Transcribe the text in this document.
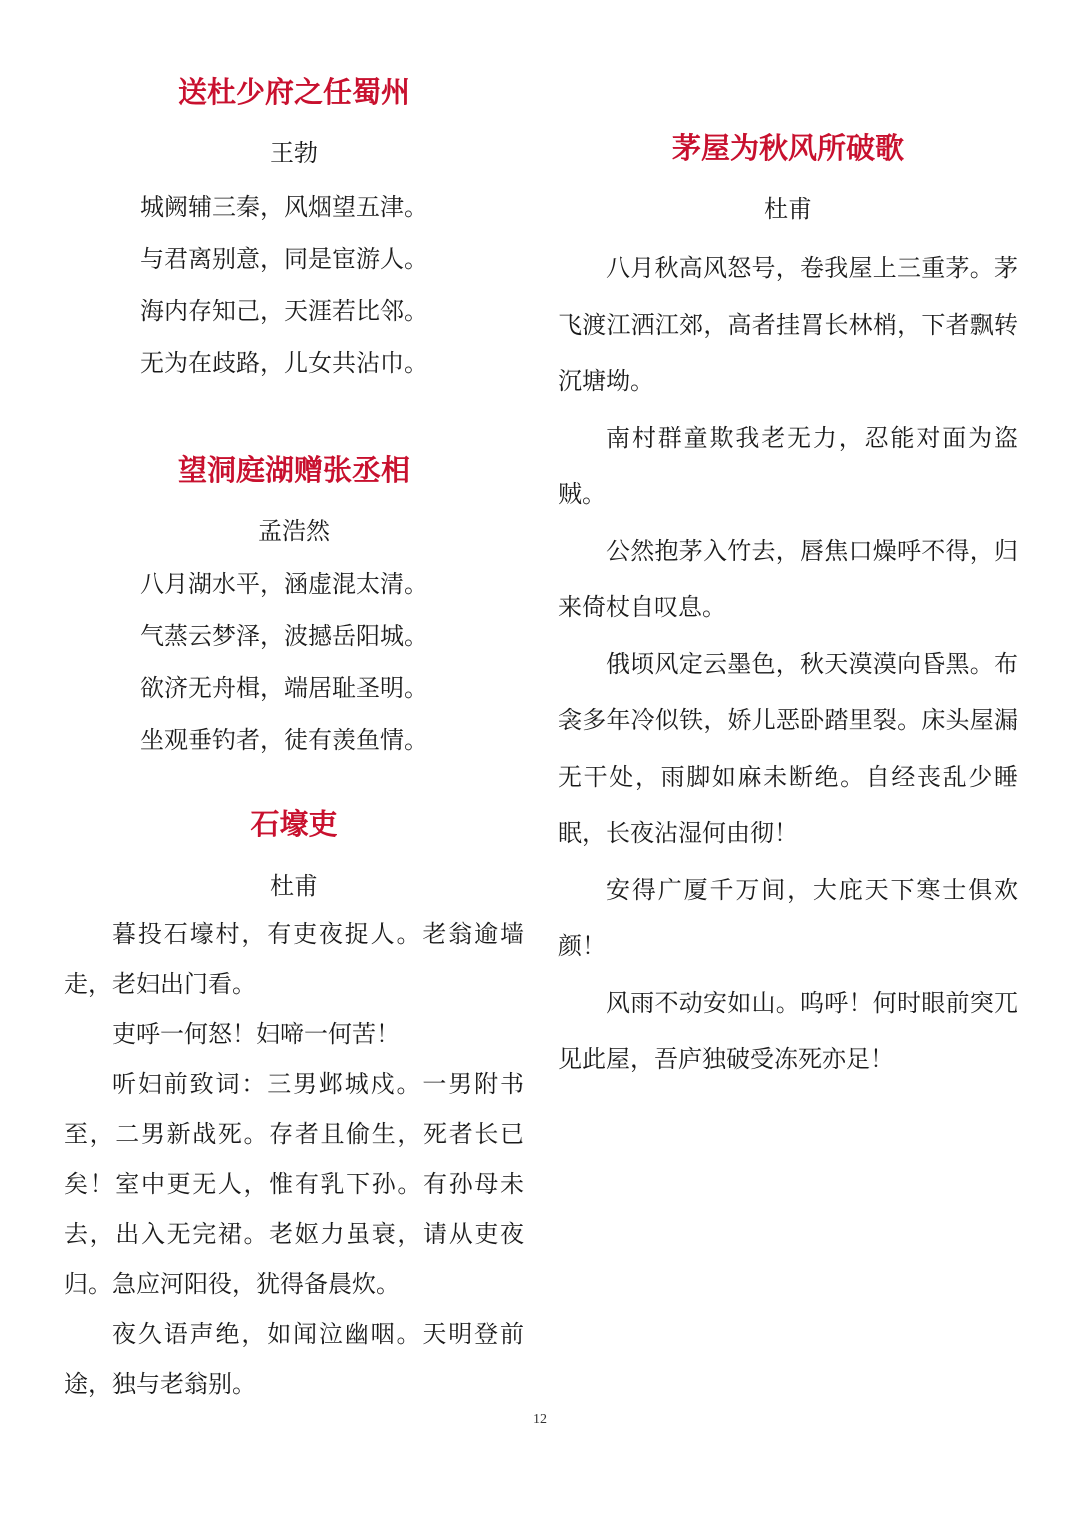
送杜少府之任蜀州
王勃
城阙辅三秦，风烟望五津。
与君离别意，同是宦游人。
海内存知己，天涯若比邻。
无为在歧路，儿女共沾巾。
望洞庭湖赠张丞相
孟浩然
八月湖水平，涵虚混太清。
气蒸云梦泽，波撼岳阳城。
欲济无舟楫，端居耻圣明。
坐观垂钓者，徒有羡鱼情。
石壕吏
杜甫

暮投石壕村，有吏夜捉人。老翁逾墙走，老妇出门看。

吏呼一何怒！妇啼一何苦！

听妇前致词：三男邺城戍。一男附书至，二男新战死。存者且偷生，死者长已矣！室中更无人，惟有乳下孙。有孙母未去，出入无完裙。老妪力虽衰，请从吏夜归。急应河阳役，犹得备晨炊。

夜久语声绝，如闻泣幽咽。天明登前途，独与老翁别。

茅屋为秋风所破歌
杜甫

八月秋高风怒号，卷我屋上三重茅。茅飞渡江洒江郊，高者挂罥长林梢，下者飘转沉塘坳。

南村群童欺我老无力，忍能对面为盗贼。

公然抱茅入竹去，唇焦口燥呼不得，归来倚杖自叹息。

俄顷风定云墨色，秋天漠漠向昏黑。布衾多年冷似铁，娇儿恶卧踏里裂。床头屋漏无干处，雨脚如麻未断绝。自经丧乱少睡眠，长夜沾湿何由彻！

安得广厦千万间，大庇天下寒士俱欢颜！

风雨不动安如山。呜呼！何时眼前突兀见此屋，吾庐独破受冻死亦足！

12
